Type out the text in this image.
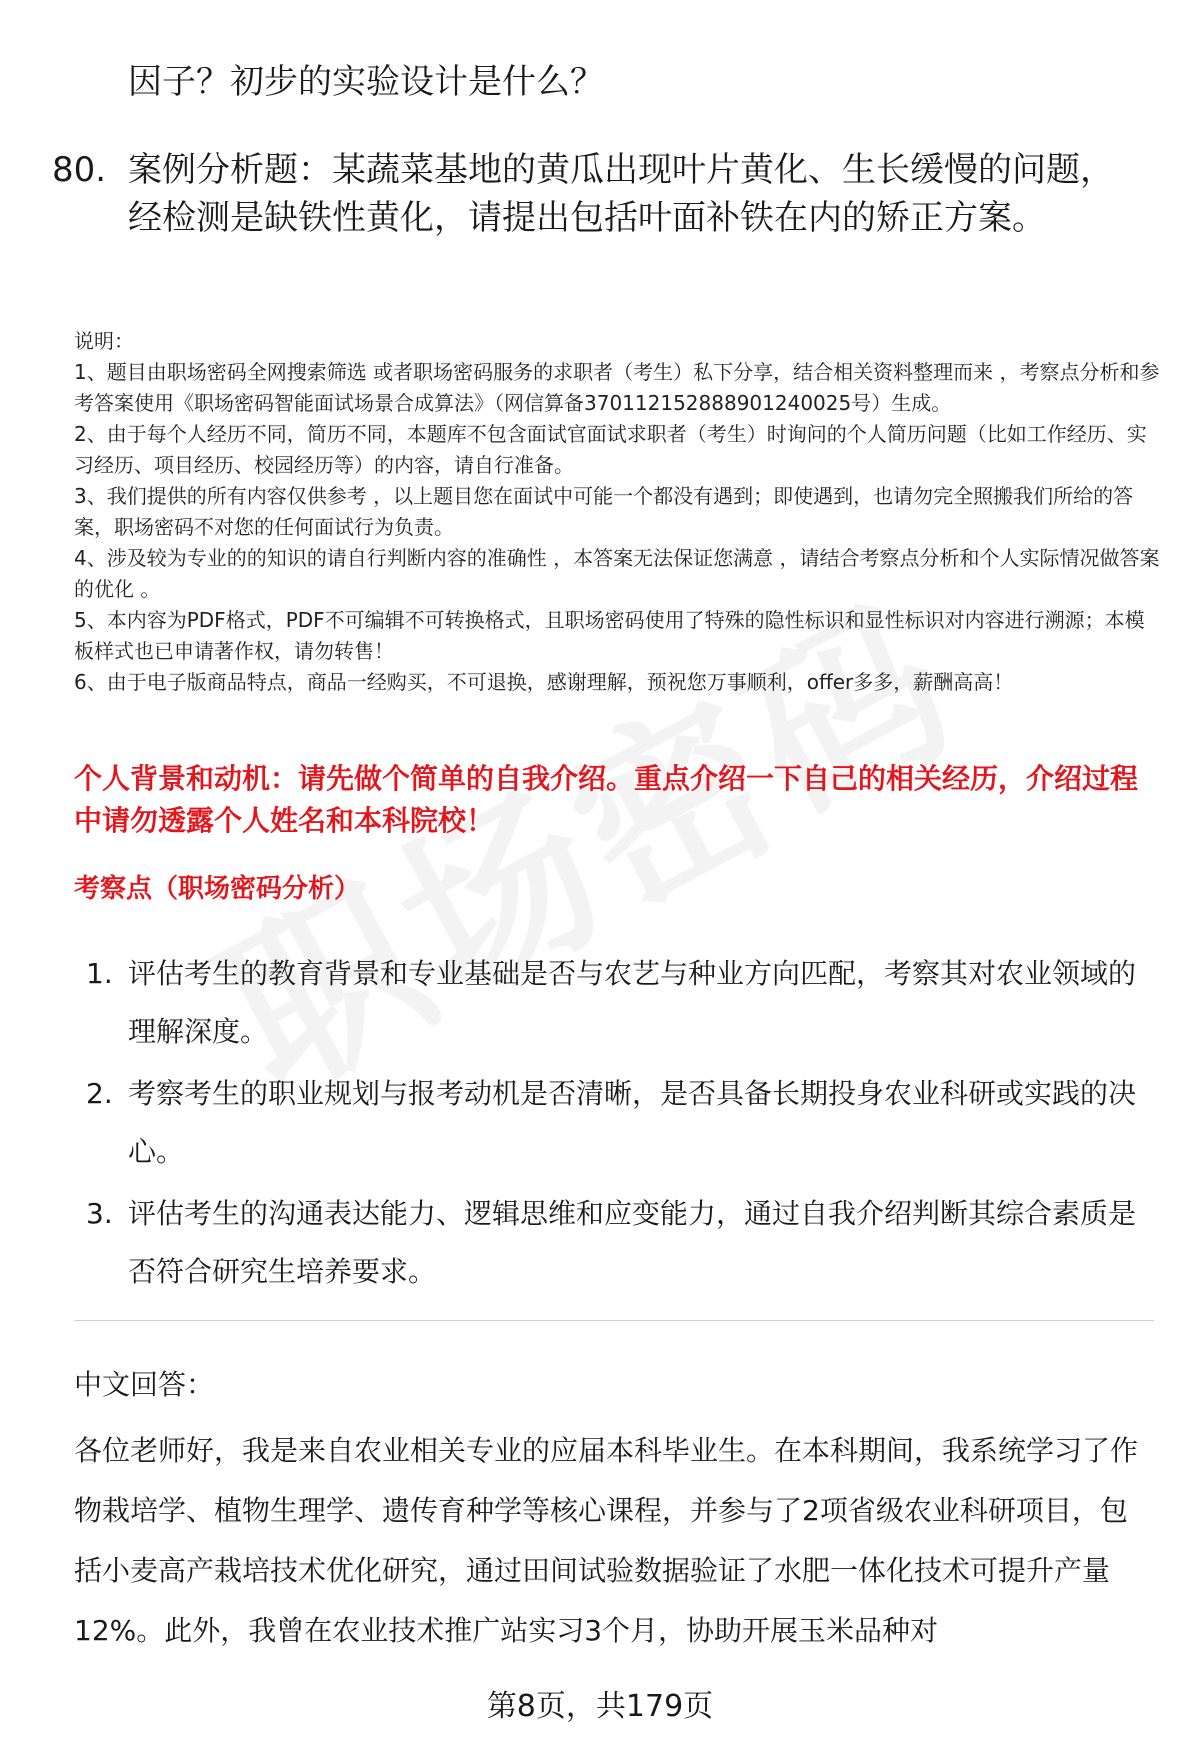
因子？初步的实验设计是什么？
80. 案例分析题：某蔬菜基地的黄瓜出现叶片黄化、生长缓慢的问题，经检测是缺铁性黄化，请提出包括叶面补铁在内的矫正方案。
说明：
1、题目由职场密码全网搜索筛选 或者职场密码服务的求职者（考生）私下分享，结合相关资料整理而来 ，考察点分析和参考答案使用《职场密码智能面试场景合成算法》（网信算备370112152888901240025号）生成。
2、由于每个人经历不同，简历不同，本题库不包含面试官面试求职者（考生）时询问的个人简历问题（比如工作经历、实习经历、项目经历、校园经历等）的内容，请自行准备。
3、我们提供的所有内容仅供参考 ，以上题目您在面试中可能一个都没有遇到；即使遇到，也请勿完全照搬我们所给的答案，职场密码不对您的任何面试行为负责。
4、涉及较为专业的的知识的请自行判断内容的准确性 ，本答案无法保证您满意 ，请结合考察点分析和个人实际情况做答案的优化 。
5、本内容为PDF格式，PDF不可编辑不可转换格式，且职场密码使用了特殊的隐性标识和显性标识对内容进行溯源；本模板样式也已申请著作权，请勿转售！
6、由于电子版商品特点，商品一经购买，不可退换，感谢理解，预祝您万事顺利，offer多多，薪酬高高！
个人背景和动机：请先做个简单的自我介绍。重点介绍一下自己的相关经历，介绍过程中请勿透露个人姓名和本科院校！
考察点（职场密码分析）
1. 评估考生的教育背景和专业基础是否与农艺与种业方向匹配，考察其对农业领域的理解深度。
2. 考察考生的职业规划与报考动机是否清晰，是否具备长期投身农业科研或实践的决心。
3. 评估考生的沟通表达能力、逻辑思维和应变能力，通过自我介绍判断其综合素质是否符合研究生培养要求。
中文回答：
各位老师好，我是来自农业相关专业的应届本科毕业生。在本科期间，我系统学习了作物栽培学、植物生理学、遗传育种学等核心课程，并参与了2项省级农业科研项目，包括小麦高产栽培技术优化研究，通过田间试验数据验证了水肥一体化技术可提升产量12%。此外，我曾在农业技术推广站实习3个月，协助开展玉米品种对
第8页，共179页
